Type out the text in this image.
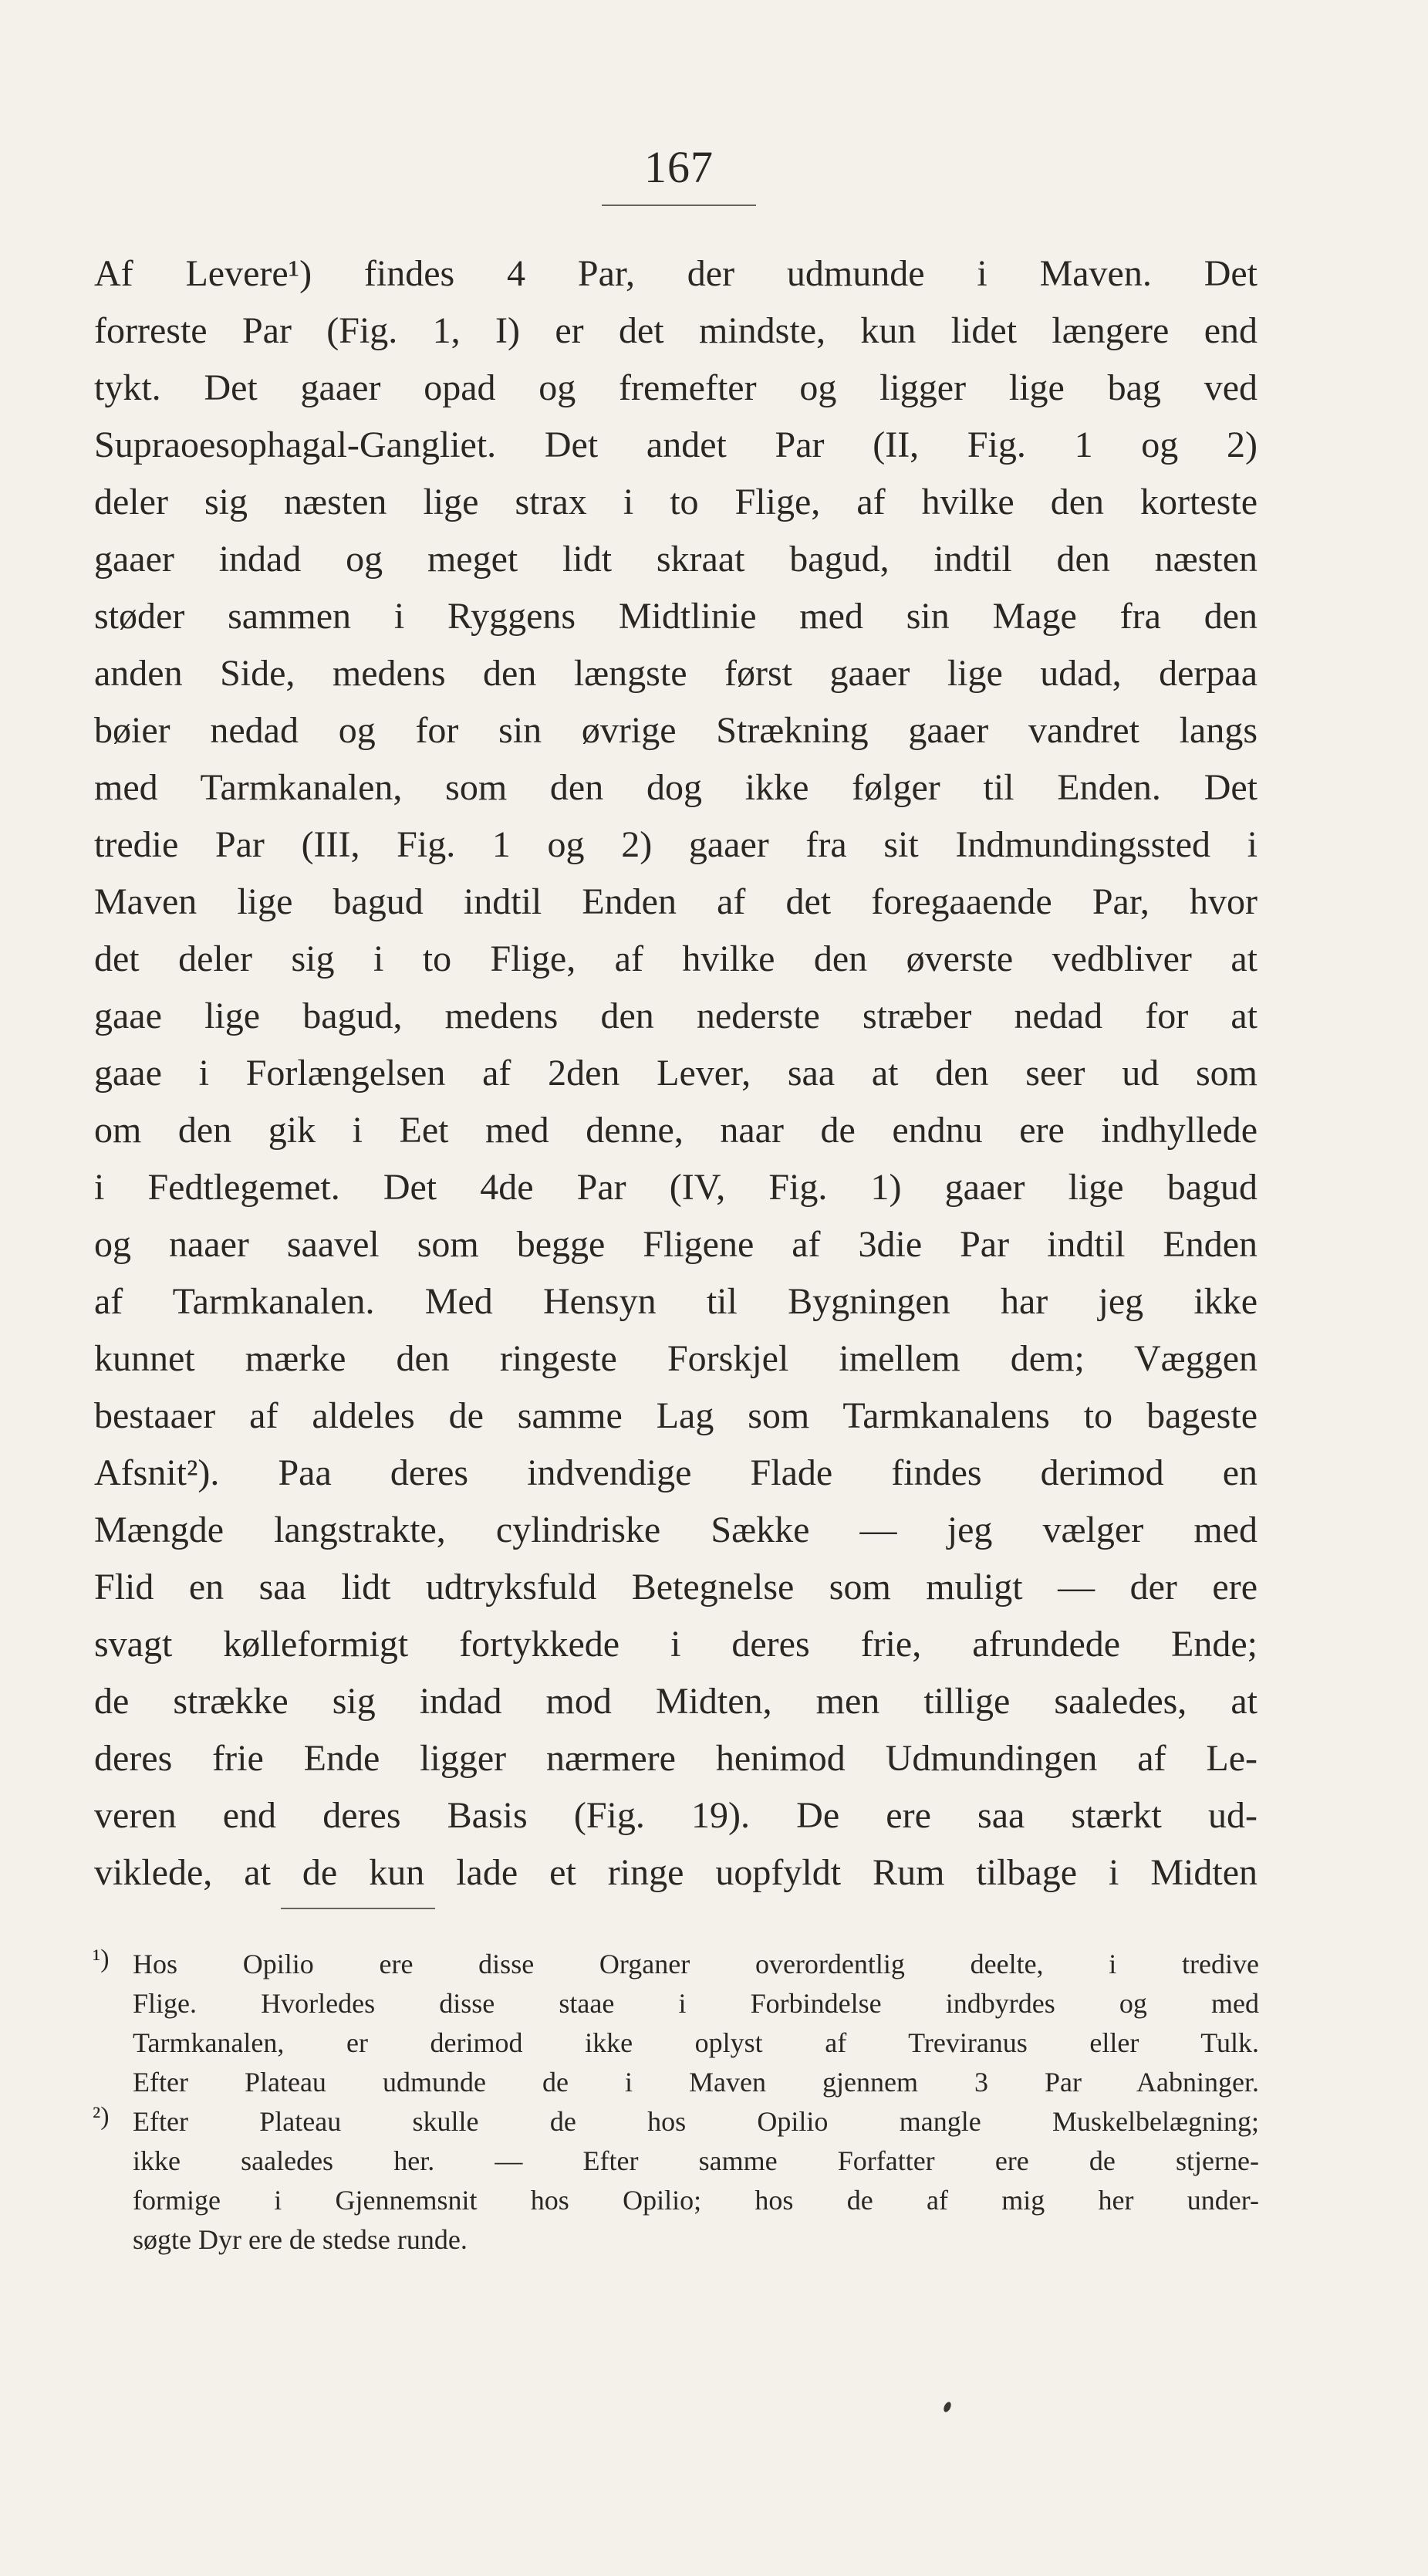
167
Af Levere¹) findes 4 Par, der udmunde i Maven. Det
forreste Par (Fig. 1, I) er det mindste, kun lidet længere end
tykt. Det gaaer opad og fremefter og ligger lige bag ved
Supraoesophagal-Gangliet. Det andet Par (II, Fig. 1 og 2)
deler sig næsten lige strax i to Flige, af hvilke den korteste
gaaer indad og meget lidt skraat bagud, indtil den næsten
støder sammen i Ryggens Midtlinie med sin Mage fra den
anden Side, medens den længste først gaaer lige udad, derpaa
bøier nedad og for sin øvrige Strækning gaaer vandret langs
med Tarmkanalen, som den dog ikke følger til Enden. Det
tredie Par (III, Fig. 1 og 2) gaaer fra sit Indmundingssted i
Maven lige bagud indtil Enden af det foregaaende Par, hvor
det deler sig i to Flige, af hvilke den øverste vedbliver at
gaae lige bagud, medens den nederste stræber nedad for at
gaae i Forlængelsen af 2den Lever, saa at den seer ud som
om den gik i Eet med denne, naar de endnu ere indhyllede
i Fedtlegemet. Det 4de Par (IV, Fig. 1) gaaer lige bagud
og naaer saavel som begge Fligene af 3die Par indtil Enden
af Tarmkanalen. Med Hensyn til Bygningen har jeg ikke
kunnet mærke den ringeste Forskjel imellem dem; Væggen
bestaaer af aldeles de samme Lag som Tarmkanalens to bageste
Afsnit²). Paa deres indvendige Flade findes derimod en
Mængde langstrakte, cylindriske Sække — jeg vælger med
Flid en saa lidt udtryksfuld Betegnelse som muligt — der ere
svagt kølleformigt fortykkede i deres frie, afrundede Ende;
de strække sig indad mod Midten, men tillige saaledes, at
deres frie Ende ligger nærmere henimod Udmundingen af Le-
veren end deres Basis (Fig. 19). De ere saa stærkt ud-
viklede, at de kun lade et ringe uopfyldt Rum tilbage i Midten
¹) Hos Opilio ere disse Organer overordentlig deelte, i tredive
Flige. Hvorledes disse staae i Forbindelse indbyrdes og med
Tarmkanalen, er derimod ikke oplyst af Treviranus eller Tulk.
Efter Plateau udmunde de i Maven gjennem 3 Par Aabninger.
²) Efter Plateau skulle de hos Opilio mangle Muskelbelægning;
ikke saaledes her. — Efter samme Forfatter ere de stjerne-
formige i Gjennemsnit hos Opilio; hos de af mig her under-
søgte Dyr ere de stedse runde.
